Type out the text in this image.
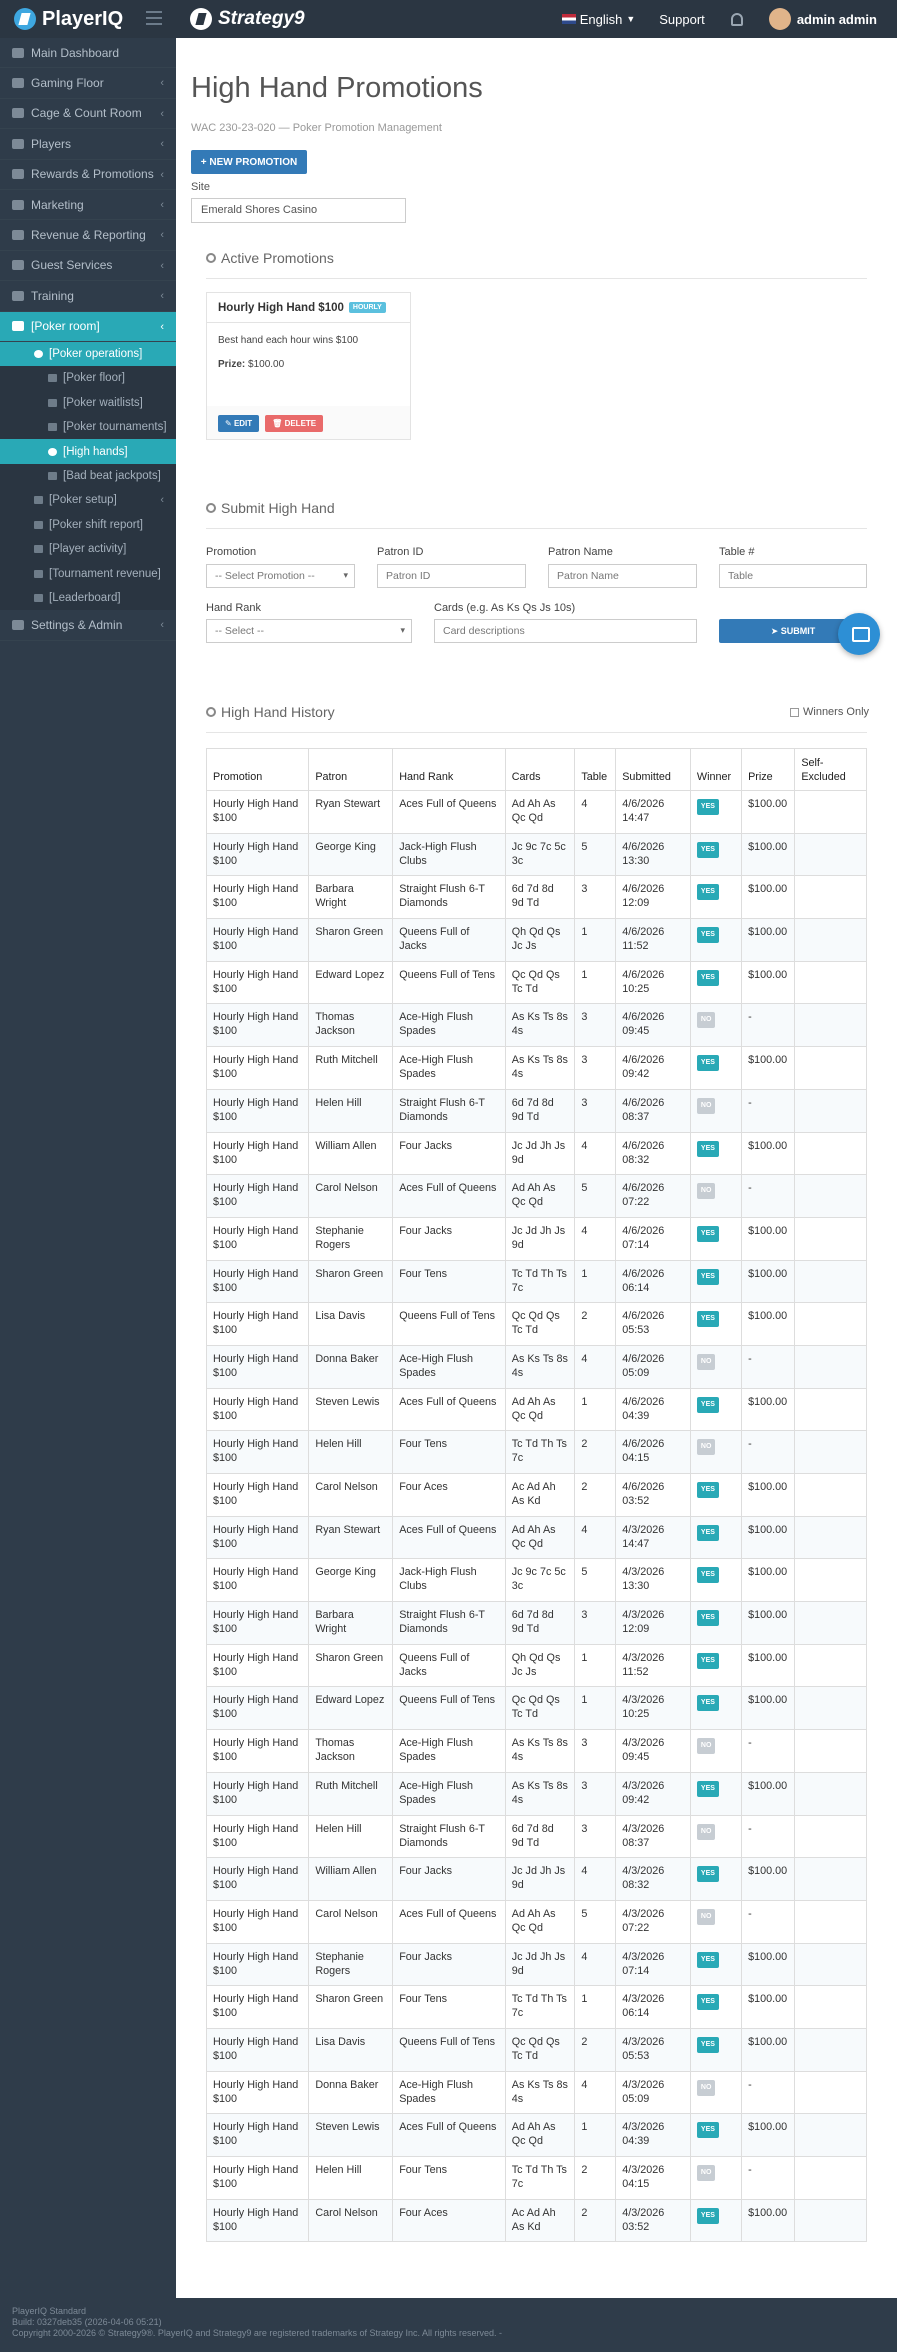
PlayerIQ	Strategy9	English ▼ Support	admin admin
Main Dashboard
Gaming Floor	‹
Cage & Count Room ‹
Players	‹
Rewards & Promotions ‹
Marketing	‹
Revenue & Reporting ‹
Guest Services	‹
Training	‹
[Poker room]	‹
[Poker operations]
[Poker floor]
[Poker waitlists]
[Poker tournaments]
[High hands]
[Bad beat jackpots]
[Poker setup]	‹
[Poker shift report]
[Player activity]
[Tournament revenue]
[Leaderboard]
Settings & Admin	‹
High Hand Promotions
WAC 230-23-020 — Poker Promotion Management
+ NEW PROMOTION
Site
Emerald Shores Casino
Active Promotions
Hourly High Hand $100	HOURLY

Best hand each hour wins $100

Prize: $100.00

✎ EDIT	🗑 DELETE
Submit High Hand
Promotion
-- Select Promotion -- ▾
Patron ID
Patron ID
Patron Name
Patron Name
Table #
Table
Hand Rank
-- Select -- ▾
Cards (e.g. As Ks Qs Js 10s)
Card descriptions	➤ SUBMIT
High Hand History	Winners Only
Promotion	Patron	Hand Rank	Cards	Table	Submitted	Winner	Prize	Self-Excluded
Hourly High Hand $100	Ryan Stewart	Aces Full of Queens	Ad Ah As Qc Qd	4	4/6/2026 14:47	YES	$100.00	
Hourly High Hand $100	George King	Jack-High Flush Clubs	Jc 9c 7c 5c 3c	5	4/6/2026 13:30	YES	$100.00	
Hourly High Hand $100	Barbara Wright	Straight Flush 6-T Diamonds	6d 7d 8d 9d Td	3	4/6/2026 12:09	YES	$100.00	
Hourly High Hand $100	Sharon Green	Queens Full of Jacks	Qh Qd Qs Jc Js	1	4/6/2026 11:52	YES	$100.00	
Hourly High Hand $100	Edward Lopez	Queens Full of Tens	Qc Qd Qs Tc Td	1	4/6/2026 10:25	YES	$100.00	
Hourly High Hand $100	Thomas Jackson	Ace-High Flush Spades	As Ks Ts 8s 4s	3	4/6/2026 09:45	NO	-	
Hourly High Hand $100	Ruth Mitchell	Ace-High Flush Spades	As Ks Ts 8s 4s	3	4/6/2026 09:42	YES	$100.00	
Hourly High Hand $100	Helen Hill	Straight Flush 6-T Diamonds	6d 7d 8d 9d Td	3	4/6/2026 08:37	NO	-	
Hourly High Hand $100	William Allen	Four Jacks	Jc Jd Jh Js 9d	4	4/6/2026 08:32	YES	$100.00	
Hourly High Hand $100	Carol Nelson	Aces Full of Queens	Ad Ah As Qc Qd	5	4/6/2026 07:22	NO	-	
Hourly High Hand $100	Stephanie Rogers	Four Jacks	Jc Jd Jh Js 9d	4	4/6/2026 07:14	YES	$100.00	
Hourly High Hand $100	Sharon Green	Four Tens	Tc Td Th Ts 7c	1	4/6/2026 06:14	YES	$100.00	
Hourly High Hand $100	Lisa Davis	Queens Full of Tens	Qc Qd Qs Tc Td	2	4/6/2026 05:53	YES	$100.00	
Hourly High Hand $100	Donna Baker	Ace-High Flush Spades	As Ks Ts 8s 4s	4	4/6/2026 05:09	NO	-	
Hourly High Hand $100	Steven Lewis	Aces Full of Queens	Ad Ah As Qc Qd	1	4/6/2026 04:39	YES	$100.00	
Hourly High Hand $100	Helen Hill	Four Tens	Tc Td Th Ts 7c	2	4/6/2026 04:15	NO	-	
Hourly High Hand $100	Carol Nelson	Four Aces	Ac Ad Ah As Kd	2	4/6/2026 03:52	YES	$100.00	
Hourly High Hand $100	Ryan Stewart	Aces Full of Queens	Ad Ah As Qc Qd	4	4/3/2026 14:47	YES	$100.00	
Hourly High Hand $100	George King	Jack-High Flush Clubs	Jc 9c 7c 5c 3c	5	4/3/2026 13:30	YES	$100.00	
Hourly High Hand $100	Barbara Wright	Straight Flush 6-T Diamonds	6d 7d 8d 9d Td	3	4/3/2026 12:09	YES	$100.00	
Hourly High Hand $100	Sharon Green	Queens Full of Jacks	Qh Qd Qs Jc Js	1	4/3/2026 11:52	YES	$100.00	
Hourly High Hand $100	Edward Lopez	Queens Full of Tens	Qc Qd Qs Tc Td	1	4/3/2026 10:25	YES	$100.00	
Hourly High Hand $100	Thomas Jackson	Ace-High Flush Spades	As Ks Ts 8s 4s	3	4/3/2026 09:45	NO	-	
Hourly High Hand $100	Ruth Mitchell	Ace-High Flush Spades	As Ks Ts 8s 4s	3	4/3/2026 09:42	YES	$100.00	
Hourly High Hand $100	Helen Hill	Straight Flush 6-T Diamonds	6d 7d 8d 9d Td	3	4/3/2026 08:37	NO	-	
Hourly High Hand $100	William Allen	Four Jacks	Jc Jd Jh Js 9d	4	4/3/2026 08:32	YES	$100.00	
Hourly High Hand $100	Carol Nelson	Aces Full of Queens	Ad Ah As Qc Qd	5	4/3/2026 07:22	NO	-	
Hourly High Hand $100	Stephanie Rogers	Four Jacks	Jc Jd Jh Js 9d	4	4/3/2026 07:14	YES	$100.00	
Hourly High Hand $100	Sharon Green	Four Tens	Tc Td Th Ts 7c	1	4/3/2026 06:14	YES	$100.00	
Hourly High Hand $100	Lisa Davis	Queens Full of Tens	Qc Qd Qs Tc Td	2	4/3/2026 05:53	YES	$100.00	
Hourly High Hand $100	Donna Baker	Ace-High Flush Spades	As Ks Ts 8s 4s	4	4/3/2026 05:09	NO	-	
Hourly High Hand $100	Steven Lewis	Aces Full of Queens	Ad Ah As Qc Qd	1	4/3/2026 04:39	YES	$100.00	
Hourly High Hand $100	Helen Hill	Four Tens	Tc Td Th Ts 7c	2	4/3/2026 04:15	NO	-	
Hourly High Hand $100	Carol Nelson	Four Aces	Ac Ad Ah As Kd	2	4/3/2026 03:52	YES	$100.00	
PlayerIQ Standard
Build: 0327deb35 (2026-04-06 05:21)
Copyright 2000-2026 © Strategy9®. PlayerIQ and Strategy9 are registered trademarks of Strategy Inc. All rights reserved. -
